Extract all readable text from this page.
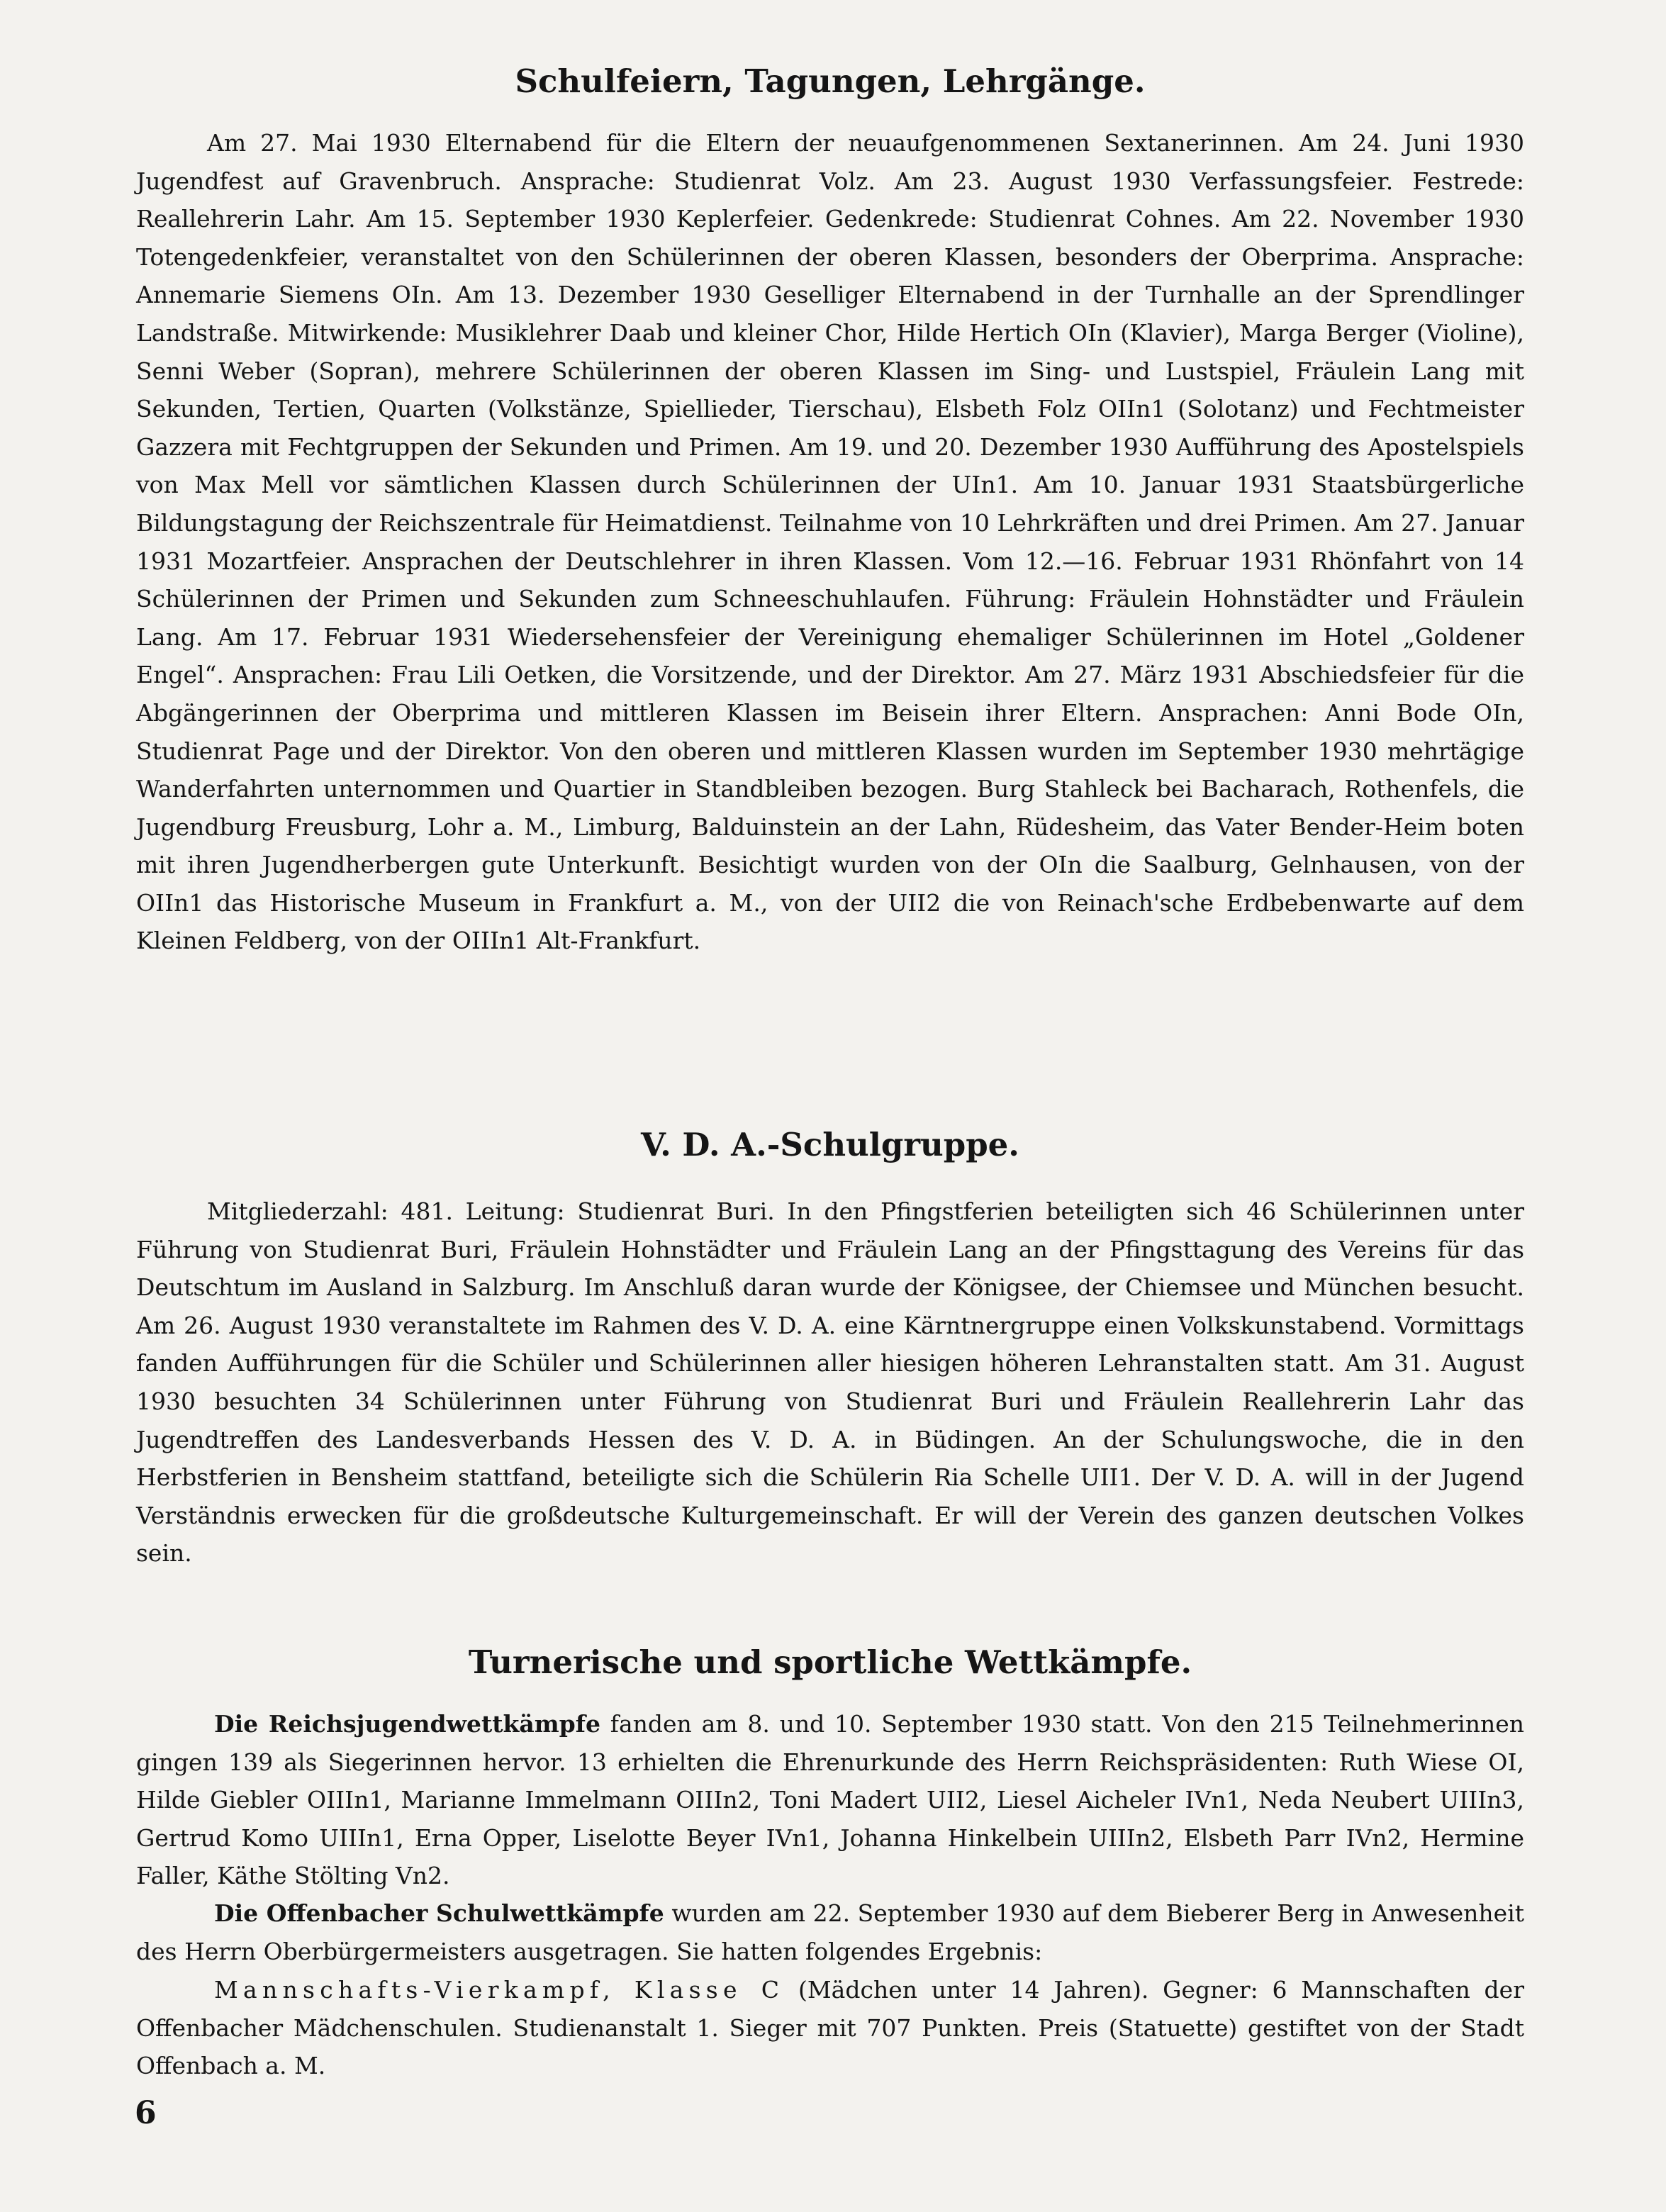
Schulfeiern, Tagungen, Lehrgänge.

Am 27. Mai 1930 Elternabend für die Eltern der neuaufgenommenen Sextanerinnen. Am 24. Juni 1930 Jugendfest auf Gravenbruch. Ansprache: Studienrat Volz. Am 23. August 1930 Verfassungsfeier. Festrede: Reallehrerin Lahr. Am 15. September 1930 Keplerfeier. Gedenkrede: Studienrat Cohnes. Am 22. November 1930 Totengedenkfeier, veranstaltet von den Schülerinnen der oberen Klassen, besonders der Oberprima. Ansprache: Annemarie Siemens OIn. Am 13. Dezember 1930 Geselliger Elternabend in der Turnhalle an der Sprendlinger Landstraße. Mitwirkende: Musiklehrer Daab und kleiner Chor, Hilde Hertich OIn (Klavier), Marga Berger (Violine), Senni Weber (Sopran), mehrere Schülerinnen der oberen Klassen im Sing- und Lustspiel, Fräulein Lang mit Sekunden, Tertien, Quarten (Volkstänze, Spiellieder, Tierschau), Elsbeth Folz OIIn1 (Solotanz) und Fechtmeister Gazzera mit Fechtgruppen der Sekunden und Primen. Am 19. und 20. Dezember 1930 Aufführung des Apostelspiels von Max Mell vor sämtlichen Klassen durch Schülerinnen der UIn1. Am 10. Januar 1931 Staatsbürgerliche Bildungstagung der Reichszentrale für Heimatdienst. Teilnahme von 10 Lehrkräften und drei Primen. Am 27. Januar 1931 Mozartfeier. Ansprachen der Deutschlehrer in ihren Klassen. Vom 12.—16. Februar 1931 Rhönfahrt von 14 Schülerinnen der Primen und Sekunden zum Schneeschuhlaufen. Führung: Fräulein Hohnstädter und Fräulein Lang. Am 17. Februar 1931 Wiedersehensfeier der Vereinigung ehemaliger Schülerinnen im Hotel „Goldener Engel“. Ansprachen: Frau Lili Oetken, die Vorsitzende, und der Direktor. Am 27. März 1931 Abschiedsfeier für die Abgängerinnen der Oberprima und mittleren Klassen im Beisein ihrer Eltern. Ansprachen: Anni Bode OIn, Studienrat Page und der Direktor. Von den oberen und mittleren Klassen wurden im September 1930 mehrtägige Wanderfahrten unternommen und Quartier in Standbleiben bezogen. Burg Stahleck bei Bacharach, Rothenfels, die Jugendburg Freusburg, Lohr a. M., Limburg, Balduinstein an der Lahn, Rüdesheim, das Vater Bender-Heim boten mit ihren Jugendherbergen gute Unterkunft. Besichtigt wurden von der OIn die Saalburg, Gelnhausen, von der OIIn1 das Historische Museum in Frankfurt a. M., von der UII2 die von Reinach'sche Erdbebenwarte auf dem Kleinen Feldberg, von der OIIIn1 Alt-Frankfurt.

V. D. A.-Schulgruppe.

Mitgliederzahl: 481. Leitung: Studienrat Buri. In den Pfingstferien beteiligten sich 46 Schülerinnen unter Führung von Studienrat Buri, Fräulein Hohnstädter und Fräulein Lang an der Pfingsttagung des Vereins für das Deutschtum im Ausland in Salzburg. Im Anschluß daran wurde der Königsee, der Chiemsee und München besucht. Am 26. August 1930 veranstaltete im Rahmen des V. D. A. eine Kärntnergruppe einen Volkskunstabend. Vormittags fanden Aufführungen für die Schüler und Schülerinnen aller hiesigen höheren Lehranstalten statt. Am 31. August 1930 besuchten 34 Schülerinnen unter Führung von Studienrat Buri und Fräulein Reallehrerin Lahr das Jugendtreffen des Landesverbands Hessen des V. D. A. in Büdingen. An der Schulungswoche, die in den Herbstferien in Bensheim stattfand, beteiligte sich die Schülerin Ria Schelle UII1. Der V. D. A. will in der Jugend Verständnis erwecken für die großdeutsche Kulturgemeinschaft. Er will der Verein des ganzen deutschen Volkes sein.

Turnerische und sportliche Wettkämpfe.

Die Reichsjugendwettkämpfe fanden am 8. und 10. September 1930 statt. Von den 215 Teilnehmerinnen gingen 139 als Siegerinnen hervor. 13 erhielten die Ehrenurkunde des Herrn Reichspräsidenten: Ruth Wiese OI, Hilde Giebler OIIIn1, Marianne Immelmann OIIIn2, Toni Madert UII2, Liesel Aicheler IVn1, Neda Neubert UIIIn3, Gertrud Komo UIIIn1, Erna Opper, Liselotte Beyer IVn1, Johanna Hinkelbein UIIIn2, Elsbeth Parr IVn2, Hermine Faller, Käthe Stölting Vn2.

Die Offenbacher Schulwettkämpfe wurden am 22. September 1930 auf dem Bieberer Berg in Anwesenheit des Herrn Oberbürgermeisters ausgetragen. Sie hatten folgendes Ergebnis:

Mannschafts-Vierkampf, Klasse C (Mädchen unter 14 Jahren). Gegner: 6 Mannschaften der Offenbacher Mädchenschulen. Studienanstalt 1. Sieger mit 707 Punkten. Preis (Statuette) gestiftet von der Stadt Offenbach a. M.

6
